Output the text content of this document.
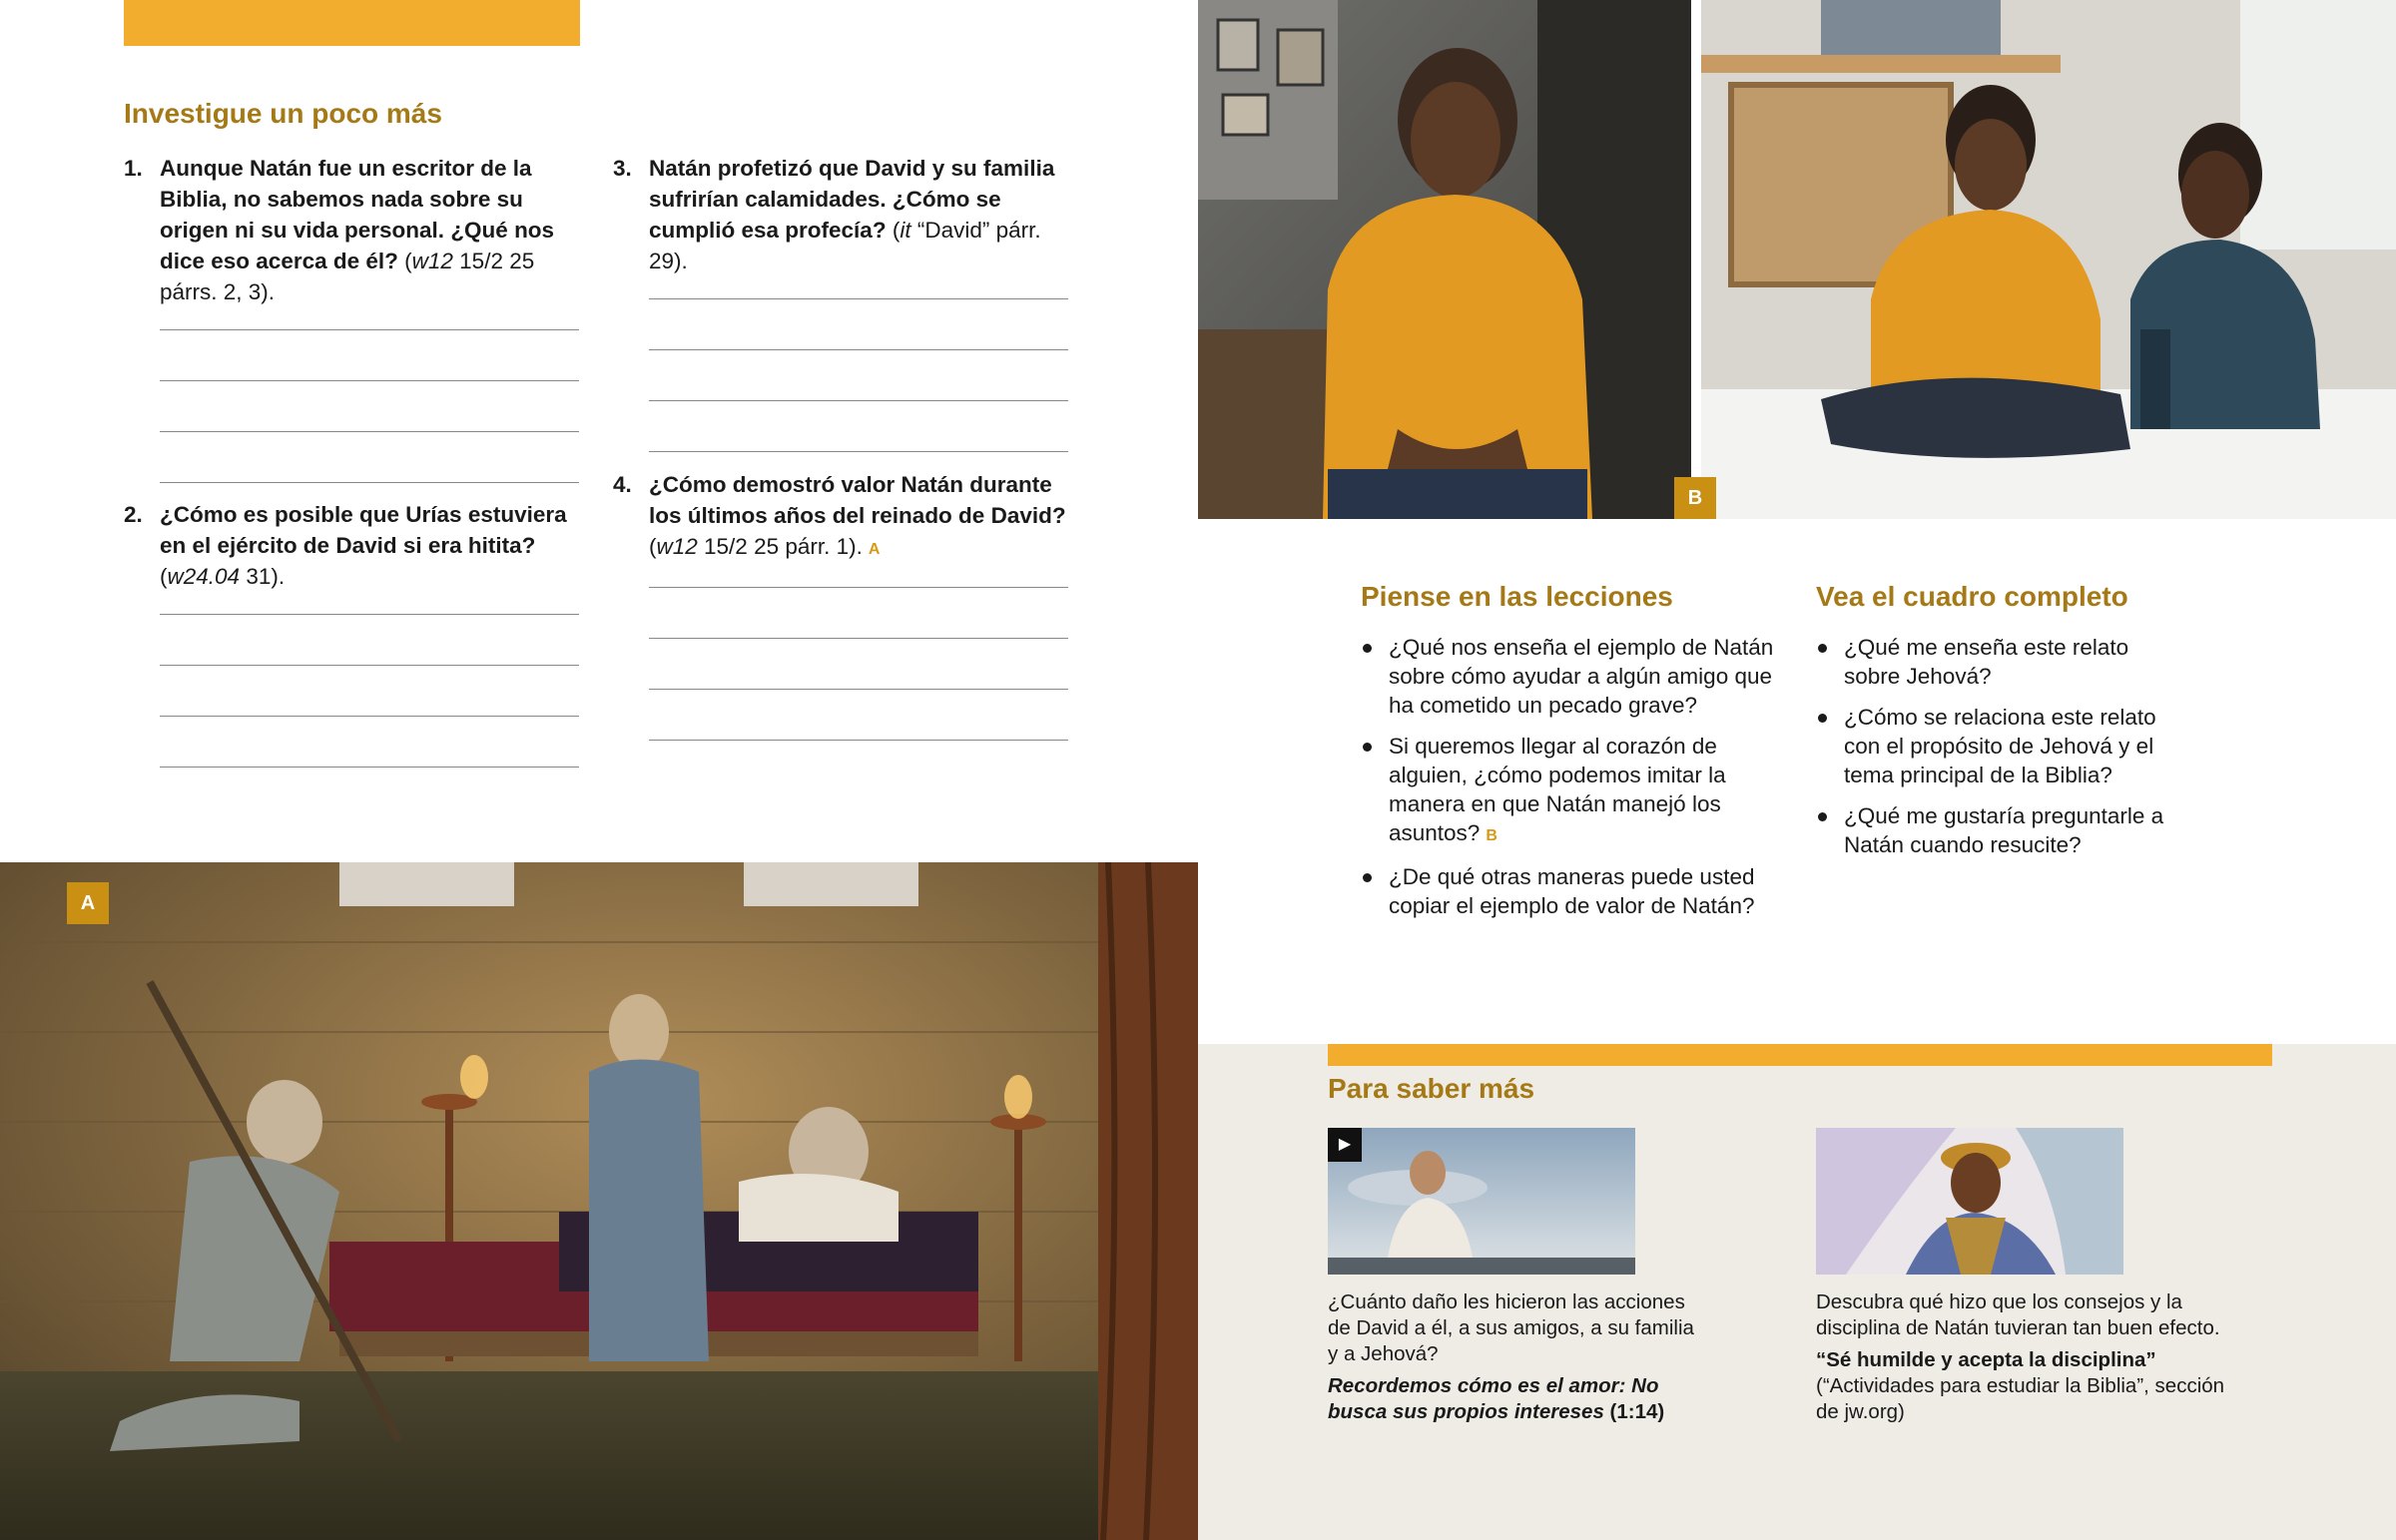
Investigue un poco más
1. Aunque Natán fue un escritor de la Biblia, no sabemos nada sobre su origen ni su vida personal. ¿Qué nos dice eso acerca de él? (w12 15/2 25 párrs. 2, 3).
2. ¿Cómo es posible que Urías estuviera en el ejército de David si era hitita? (w24.04 31).
3. Natán profetizó que David y su familia sufrirían calamidades. ¿Cómo se cumplió esa profecía? (it “David” párr. 29).
4. ¿Cómo demostró valor Natán durante los últimos años del reinado de David? (w12 15/2 25 párr. 1). A
B
Piense en las lecciones
¿Qué nos enseña el ejemplo de Natán sobre cómo ayudar a algún amigo que ha cometido un pecado grave?
Si queremos llegar al corazón de alguien, ¿cómo podemos imitar la manera en que Natán manejó los asuntos? B
¿De qué otras maneras puede usted copiar el ejemplo de valor de Natán?
Vea el cuadro completo
¿Qué me enseña este relato sobre Jehová?
¿Cómo se relaciona este relato con el propósito de Jehová y el tema principal de la Biblia?
¿Qué me gustaría preguntarle a Natán cuando resucite?
A
Para saber más
▶
¿Cuánto daño les hicieron las acciones de David a él, a sus amigos, a su familia y a Jehová?
Recordemos cómo es el amor: No busca sus propios intereses (1:14)
Descubra qué hizo que los consejos y la disciplina de Natán tuvieran tan buen efecto.
“Sé humilde y acepta la disciplina”
(“Actividades para estudiar la Biblia”, sección de jw.org)
